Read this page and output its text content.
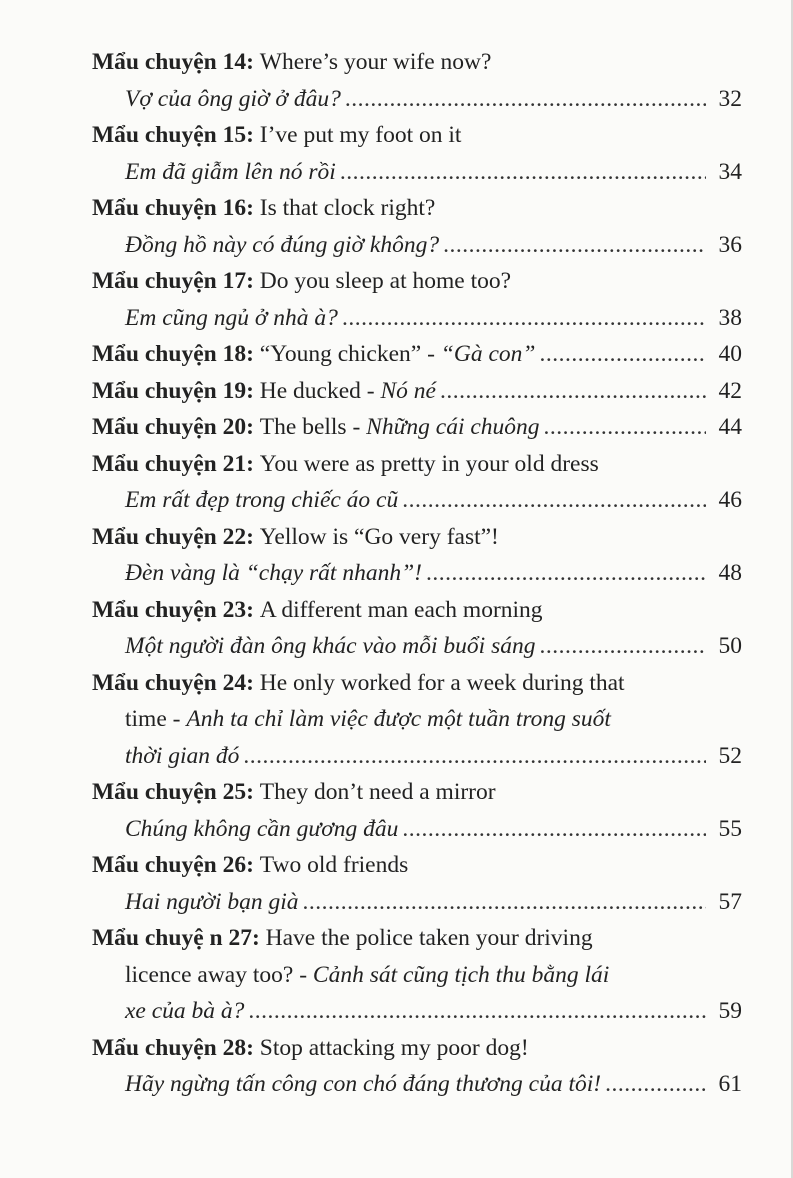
Mẩu chuyện 14:
Where’s your wife now?
Vợ của ông giờ ở đâu? .....	32
Mẩu chuyện 15:
I’ve put my foot on it
Em đã giẫm lên nó rồi .....	34
Mẩu chuyện 16:
Is that clock right?
Đồng hồ này có đúng giờ không? .....	36
Mẩu chuyện 17:
Do you sleep at home too?
Em cũng ngủ ở nhà à? .....	38
Mẩu chuyện 18:
“Young chicken” -
“Gà con” .....	40
Mẩu chuyện 19:
He ducked -
Nó né .....	42
Mẩu chuyện 20:
The bells -
Những cái chuông .....	44
Mẩu chuyện 21:
You were as pretty in your old dress
Em rất đẹp trong chiếc áo cũ .....	46
Mẩu chuyện 22:
Yellow is “Go very fast”!
Đèn vàng là “chạy rất nhanh”! .....	48
Mẩu chuyện 23:
A different man each morning
Một người đàn ông khác vào mỗi buổi sáng .....	50
Mẩu chuyện 24:
He only worked for a week during that
time -
Anh ta chỉ làm việc được một tuần trong suốt
thời gian đó .....	52
Mẩu chuyện 25:
They don’t need a mirror
Chúng không cần gương đâu .....	55
Mẩu chuyện 26:
Two old friends
Hai người bạn già .....	57
Mẩu chuyệ n 27:
Have the police taken your driving
licence away too? -
Cảnh sát cũng tịch thu bằng lái
xe của bà à? .....	59
Mẩu chuyện 28:
Stop attacking my poor dog!
Hãy ngừng tấn công con chó đáng thương của tôi! .....	61
